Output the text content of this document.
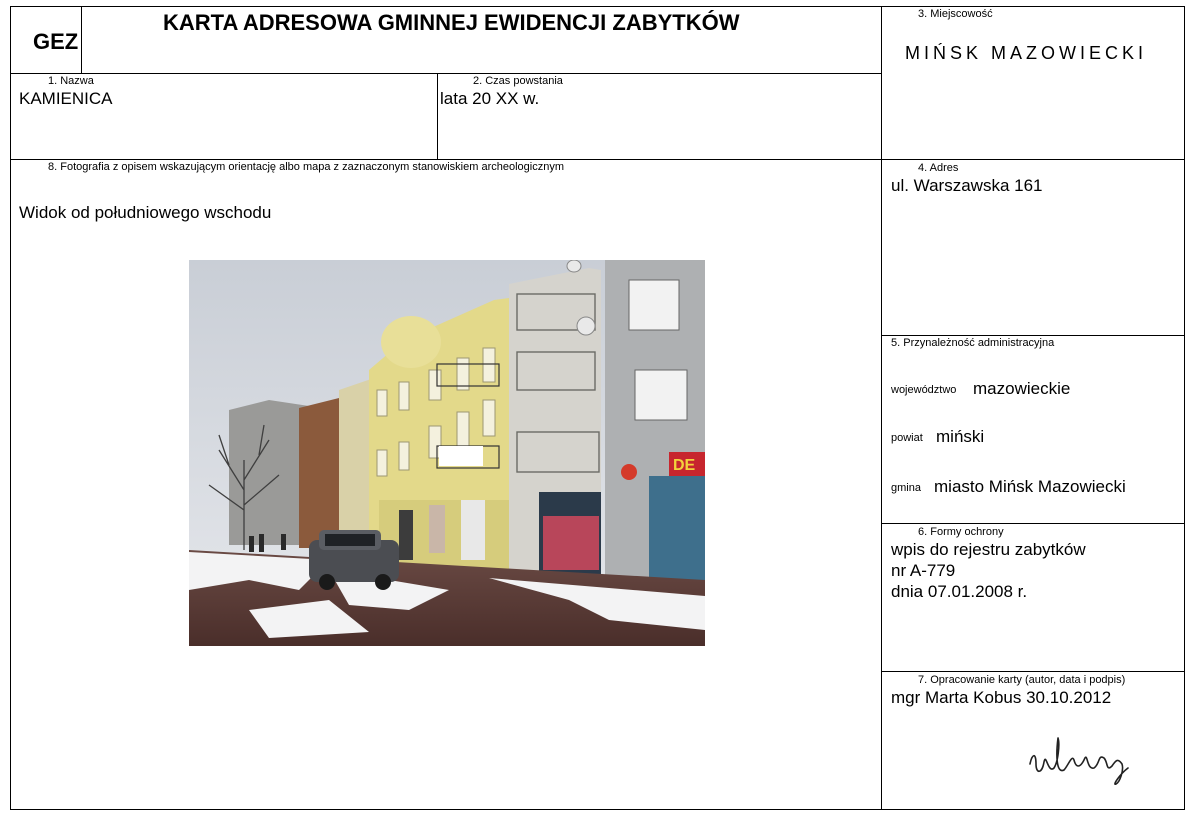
GEZ
KARTA ADRESOWA GMINNEJ EWIDENCJI ZABYTKÓW	3. Miejscowość
MIŃSK MAZOWIECKI
1. Nazwa
KAMIENICA
2. Czas powstania
lata 20 XX w.
8. Fotografia z opisem wskazującym orientację albo mapa z zaznaczonym stanowiskiem archeologicznym
Widok od południowego wschodu
DE
4. Adres
ul. Warszawska 161
5. Przynależność administracyjna
województwo mazowieckie
powiat miński
gmina miasto Mińsk Mazowiecki
6. Formy ochrony
wpis do rejestru zabytków
nr A-779
dnia 07.01.2008 r.
7. Opracowanie karty (autor, data i podpis)
mgr Marta Kobus 30.10.2012
